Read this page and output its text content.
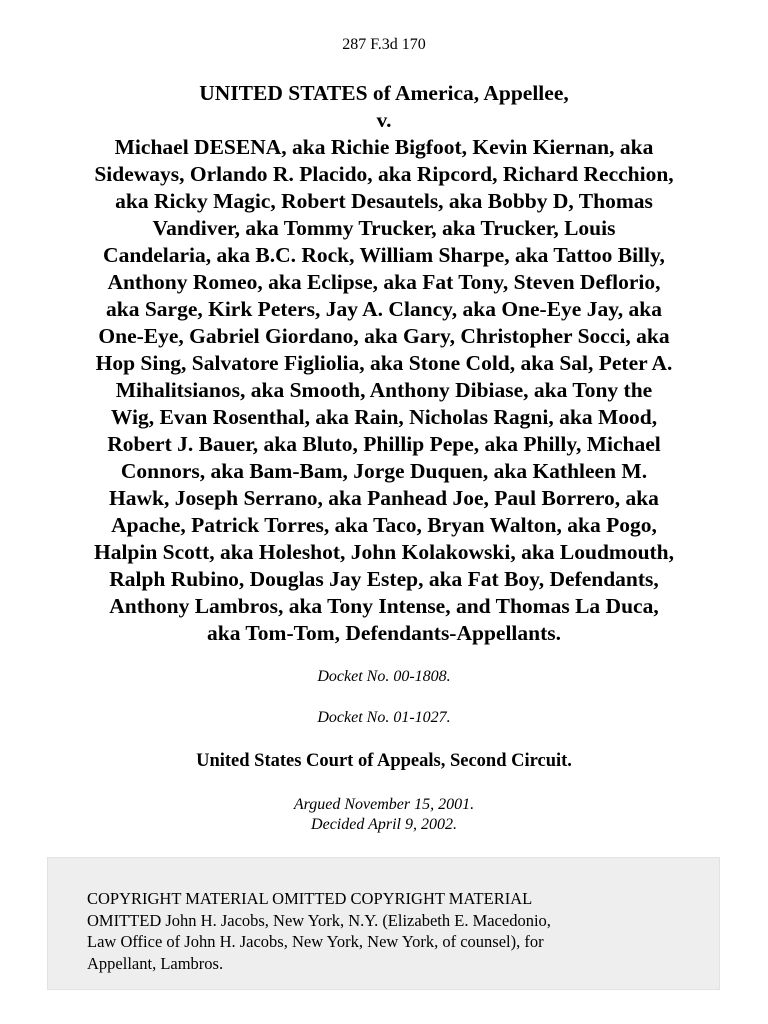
287 F.3d 170
UNITED STATES of America, Appellee,
v.
Michael DESENA, aka Richie Bigfoot, Kevin Kiernan, aka
Sideways, Orlando R. Placido, aka Ripcord, Richard Recchion,
aka Ricky Magic, Robert Desautels, aka Bobby D, Thomas
Vandiver, aka Tommy Trucker, aka Trucker, Louis
Candelaria, aka B.C. Rock, William Sharpe, aka Tattoo Billy,
Anthony Romeo, aka Eclipse, aka Fat Tony, Steven Deflorio,
aka Sarge, Kirk Peters, Jay A. Clancy, aka One-Eye Jay, aka
One-Eye, Gabriel Giordano, aka Gary, Christopher Socci, aka
Hop Sing, Salvatore Figliolia, aka Stone Cold, aka Sal, Peter A.
Mihalitsianos, aka Smooth, Anthony Dibiase, aka Tony the
Wig, Evan Rosenthal, aka Rain, Nicholas Ragni, aka Mood,
Robert J. Bauer, aka Bluto, Phillip Pepe, aka Philly, Michael
Connors, aka Bam-Bam, Jorge Duquen, aka Kathleen M.
Hawk, Joseph Serrano, aka Panhead Joe, Paul Borrero, aka
Apache, Patrick Torres, aka Taco, Bryan Walton, aka Pogo,
Halpin Scott, aka Holeshot, John Kolakowski, aka Loudmouth,
Ralph Rubino, Douglas Jay Estep, aka Fat Boy, Defendants,
Anthony Lambros, aka Tony Intense, and Thomas La Duca,
aka Tom-Tom, Defendants-Appellants.
Docket No. 00-1808.
Docket No. 01-1027.
United States Court of Appeals, Second Circuit.
Argued November 15, 2001.
Decided April 9, 2002.
COPYRIGHT MATERIAL OMITTED COPYRIGHT MATERIAL
OMITTED John H. Jacobs, New York, N.Y. (Elizabeth E. Macedonio,
Law Office of John H. Jacobs, New York, New York, of counsel), for
Appellant, Lambros.
